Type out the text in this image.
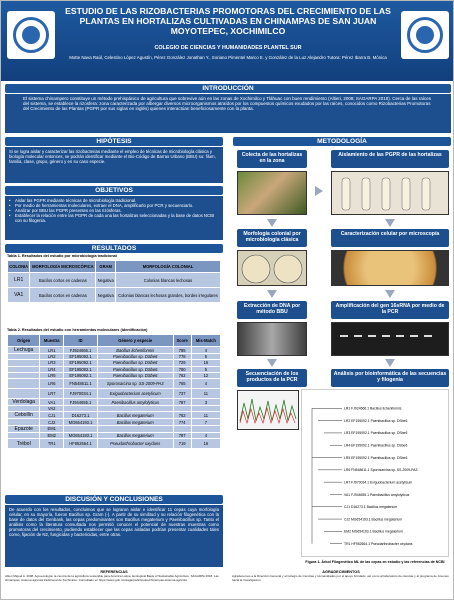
ESTUDIO DE LAS RIZOBACTERIAS PROMOTORAS DEL CRECIMIENTO DE LAS PLANTAS EN HORTALIZAS CULTIVADAS EN CHINAMPAS DE SAN JUAN MOYOTEPEC, XOCHIMILCO
COLEGIO DE CIENCIAS Y HUMANIDADES PLANTEL SUR
Motte Nava Raúl, Celestino López Agustín, Pérez González Jonathan Y., Soriano Pimentel Marco E. y González de la Luz Alejandro Tutora: Pérez Ibarra B. Mónica
INTRODUCCIÓN
El sistema chinampero constituye un método prehispánico de agricultura que sobrevive aún en las zonas de Xochimilco y Tláhuac con buen rendimiento (Altieri, 2008; SAGARPA 2018). Cerca de las raíces del sistema, se establece la rizosfera: zona caracterizada por albergar diversos microorganismos atraídos por los compuestos químicos exudados por las raíces, conocidos como Rizobacterias Promotoras del Crecimiento de las Plantas (PGPR por sus siglas en inglés) quienes interactúan beneficiosamente con la planta.
HIPÓTESIS
Si se logra aislar y caracterizar las rizobacterias mediante el empleo de técnicas de microbiología clásica y biología molecular entonces, se podrán identificar mediante el Bio-Código de Barras Urbano (BBU) su: filum, familia, clase, grupo, género y en su caso especie.
OBJETIVOS
• Aislar las PGPR mediante técnicas de microbiología tradicional.
• Por medio de herramientas moleculares, extraer el DNA, amplificarlo por PCR y secuenciarlo.
• Analizar por BBU las PGPR presentes en las rizósferas.
• Establecer la relación entre las PGPR de cada una las hortalizas seleccionadas y la base de datos NCBI con su filogenia.
RESULTADOS
Tabla 1. Resultados del estudio por microbiología tradicional
COLONIA	MORFOLOGÍA MICROSCÓPICA	GRAM	MORFOLOGÍA COLONIAL
LR1	Bacilos cortos en cadenas	Negativa	Colonias blancas lechosas
VA1	Bacilos cortos en cadenas	Negativa	Colonias blancas lechosas grandes, bordes irregulares
Tabla 2. Resultados del estudio con herramientas moleculares (identificación)
Origen	Muestra	ID	Género y especie	Score	Mis-Match
Lechuga	LR1	FJ924666.1	Bacillus licheniformis	785	4
	LR2	EF195092.1	Paenibacillus sp. DSbe6	778	5
	LR3	EF195092.1	Paenibacillus sp. DSbe6	729	16
	LR4	EF195092.1	Paenibacillus sp. DSbe6	780	5
	LR5	EF195092.1	Paenibacillus sp. DSbe6	762	12
	LR6	FN548611.1	Sporosarcina sp. SS-2009-PA3	765	4
	LR7	FJ970034.1	Exiguobacterium acetylicum	737	11
Verdolaga	VA1	FJ944655.1	Paenibacillus amylolyticus	787	3
	VA2				
Cebollín	CJ1	D16273.1	Bacillus megaterium	762	11
	CJ2	MG654193.1	Bacillus megaterium	774	7
Epazote	EM1				
	EM2	MG654193.1	Bacillus megaterium	787	4
Trébol	TR1	HF952664.1	Pseudarthrobacter oxydans	719	16
DISCUSIÓN Y CONCLUSIONES
De acuerdo con los resultados, concluimos que se lograron aislar e identificar 11 cepas cuya morfología celular, en su mayoría, fueron Bacillus sp. Gram (-). A partir de su similitud y su relación filogenética con la base de datos del Genbank, las cepas predominantes son Bacillus megaterium y Paenibacillus sp. Tanto el análisis como la literatura consultada nos permitió conocer el potencial de nuestras muestras como promotoras del crecimiento, pudiendo establecer que las cepas aisladas podrían presentar cualidades tales como, fijación de N2, fungicidas y bactericidas, entre otras.
REFERENCIAS
Altieri Miguel A. 2008. Agroecología: la ciencia de la agricultura sostenible para América Latina. Ecological Basis of Sustainable Agriculture. SAGARPA 2018. Las chinampas, sistema agrícola tradicional de Xochimilco. Consultado en https://www.gob.mx/sagarpa/articulos/chinampas-sistema-agricola
AGRADECIMIENTOS
Agradecemos a la Dirección General y al Colegio de Ciencias y Humanidades por el apoyo brindado, así como al laboratorio de ciencias y al programa de Jóvenes hacia la investigación.
METODOLOGÍA
Colecta de las hortalizas en la zona
Aislamiento de las PGPR de las hortalizas
Morfología colonial por microbiología clásica
Caracterización celular por microscopía
Extracción de DNA por método BBU
Amplificación del gen 16sRNA por medio de la PCR
Secuenciación de los productos de la PCR
Análisis por bioinformática de las secuencias y filogenia
LR1 FJ924666.1 Bacillus licheniformis
LR2 EF195092.1 Paenibacillus sp. DSbe6
LR3 EF195092.1 Paenibacillus sp. DSbe6
LR4 EF195092.1 Paenibacillus sp. DSbe6
LR5 EF195092.1 Paenibacillus sp. DSbe6
LR6 FN548611.1 Sporosarcina sp. SS-2009-PA3
LR7 FJ970034.1 Exiguobacterium acetylicum
VA1 FJ944655.1 Paenibacillus amylolyticus
CJ1 D16273.1 Bacillus megaterium
CJ2 MG654193.1 Bacillus megaterium
EM2 MG654193.1 Bacillus megaterium
TR1 HF952664.1 Pseudarthrobacter oxydans
Figura 1. Árbol Filogenético ML de las cepas en estudio y las referencias de NCBI
